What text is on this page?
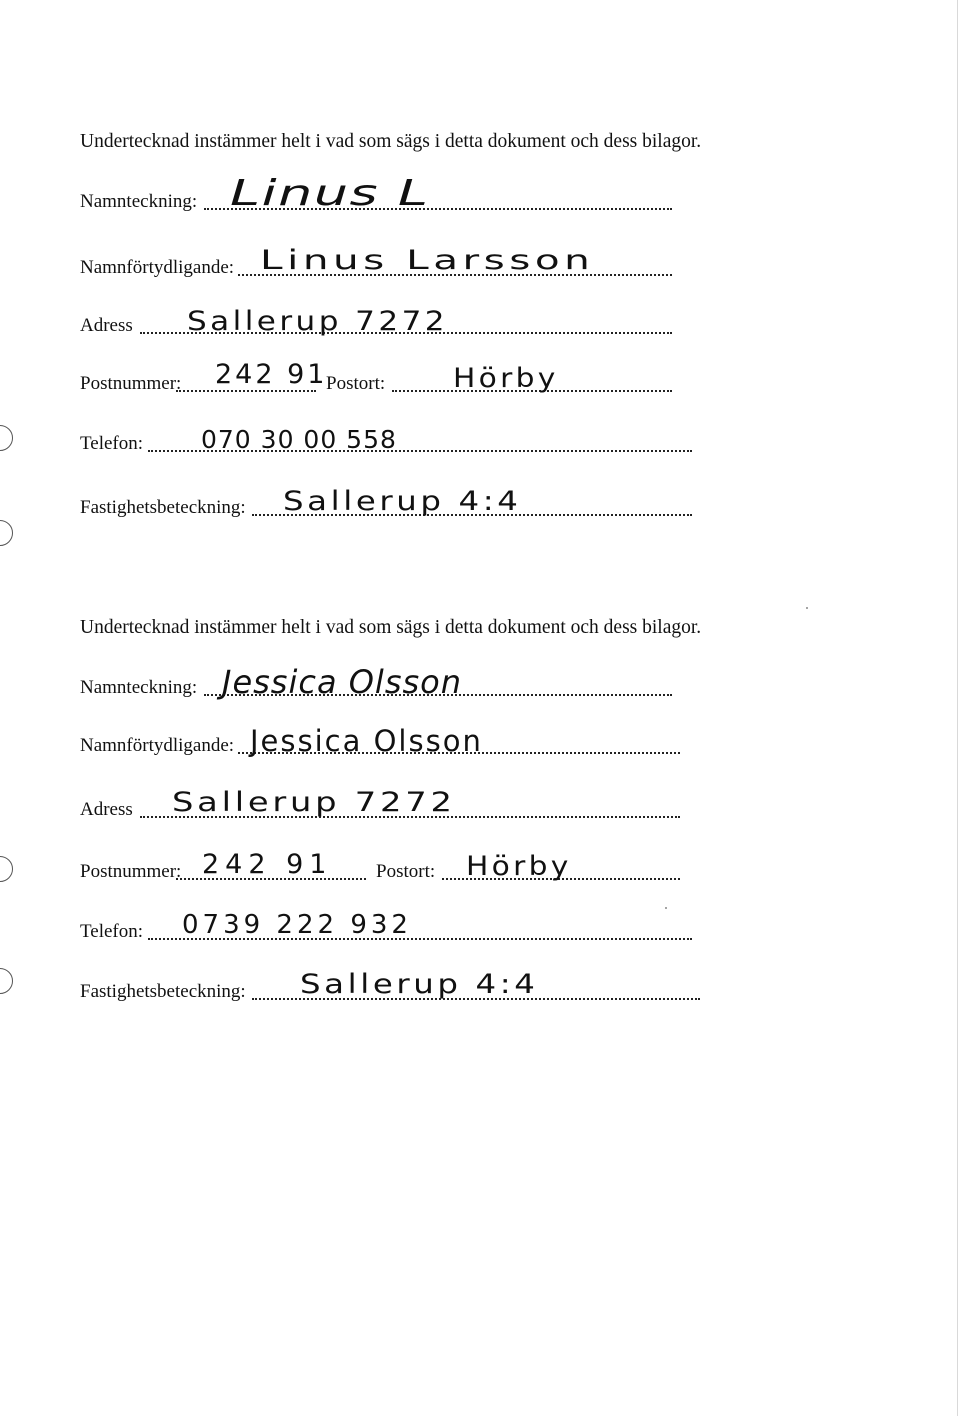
Undertecknad instämmer helt i vad som sägs i detta dokument och dess bilagor.
Namnteckning: Linus L
Namnförtydligande: Linus Larsson
Adress Sallerup 7272
Postnummer: 242 91
Postort:	Hörby
Telefon: 070 30 00 558
Fastighetsbeteckning: Sallerup 4:4
Undertecknad instämmer helt i vad som sägs i detta dokument och dess bilagor.
Namnteckning: Jessica Olsson
Namnförtydligande: Jessica Olsson
Adress Sallerup 7272
Postnummer: 242 91 Postort: Hörby
Telefon: 0739 222 932
Fastighetsbeteckning: Sallerup 4:4
